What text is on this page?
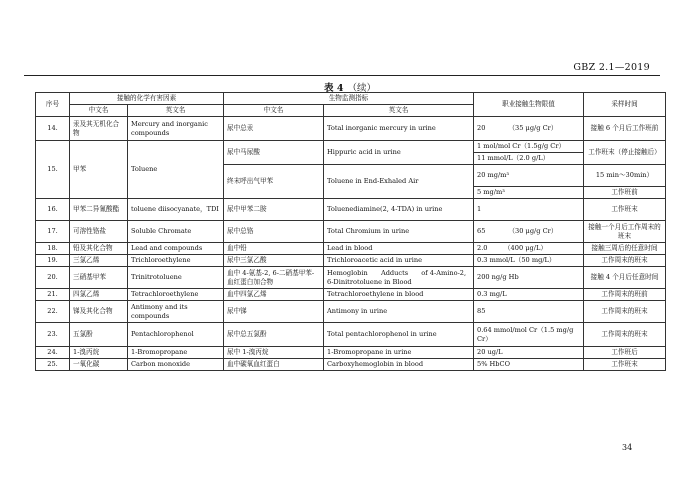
GBZ 2.1—2019
表 4 （续）
序号	接触的化学有害因素		生物监测指标		职业接触生物限值	采样时间
	中文名	英文名	中文名	英文名		
14.	汞及其无机化合物	Mercury and inorganic compounds	尿中总汞	Total inorganic mercury in urine	20　　　　（35 μg/g Cr）	接触 6 个月后工作班前
15.	甲苯	Toluene	尿中马尿酸	Hippuric acid in urine	1 mol/mol Cr（1.5g/g Cr）	工作班末（停止接触后）
					11 mmol/L（2.0 g/L）	
			终末呼出气甲苯	Toluene in End-Exhaled Air	20 mg/m³	15 min～30min）
					5 mg/m³	工作班前
16.	甲苯二异氰酸酯	toluene diisocyanate，TDI	尿中甲苯二胺	Toluenediamine(2, 4-TDA) in urine	1	工作班末
17.	可溶性铬盐	Soluble Chromate	尿中总铬	Total Chromium in urine	65　　　　（30 μg/g Cr）	接触一个月后工作周末的班末
18.	铅及其化合物	Lead and compounds	血中铅	Lead in blood	2.0　　　（400 μg/L）	接触三周后的任意时间
19.	三氯乙烯	Trichloroethylene	尿中三氯乙酸	Trichloroacetic acid in urine	0.3 mmol/L（50 mg/L）	工作周末的班末
20.	三硝基甲苯	Trinitrotoluene	血中 4-氨基-2, 6-二硝基甲苯-血红蛋白加合物	Hemoglobin　　Adducts　　of 4-Amino-2, 6-Dinitrotoluene in Blood	200 ng/g Hb	接触 4 个月后任意时间
21.	四氯乙烯	Tetrachloroethylene	血中四氯乙烯	Tetrachloroethylene in blood	0.3 mg/L	工作周末的班前
22.	锑及其化合物	Antimony and its compounds	尿中锑	Antimony in urine	85	工作周末的班末
23.	五氯酚	Pentachlorophenol	尿中总五氯酚	Total pentachlorophenol in urine	0.64 mmol/mol Cr（1.5 mg/g Cr）	工作周末的班末
24.	1-溴丙烷	1-Bromopropane	尿中 1-溴丙烷	1-Bromopropane in urine	20 ug/L	工作班后
25.	一氧化碳	Carbon monoxide	血中碳氧血红蛋白	Carboxyhemoglobin in blood	5% HbCO	工作班末
34
